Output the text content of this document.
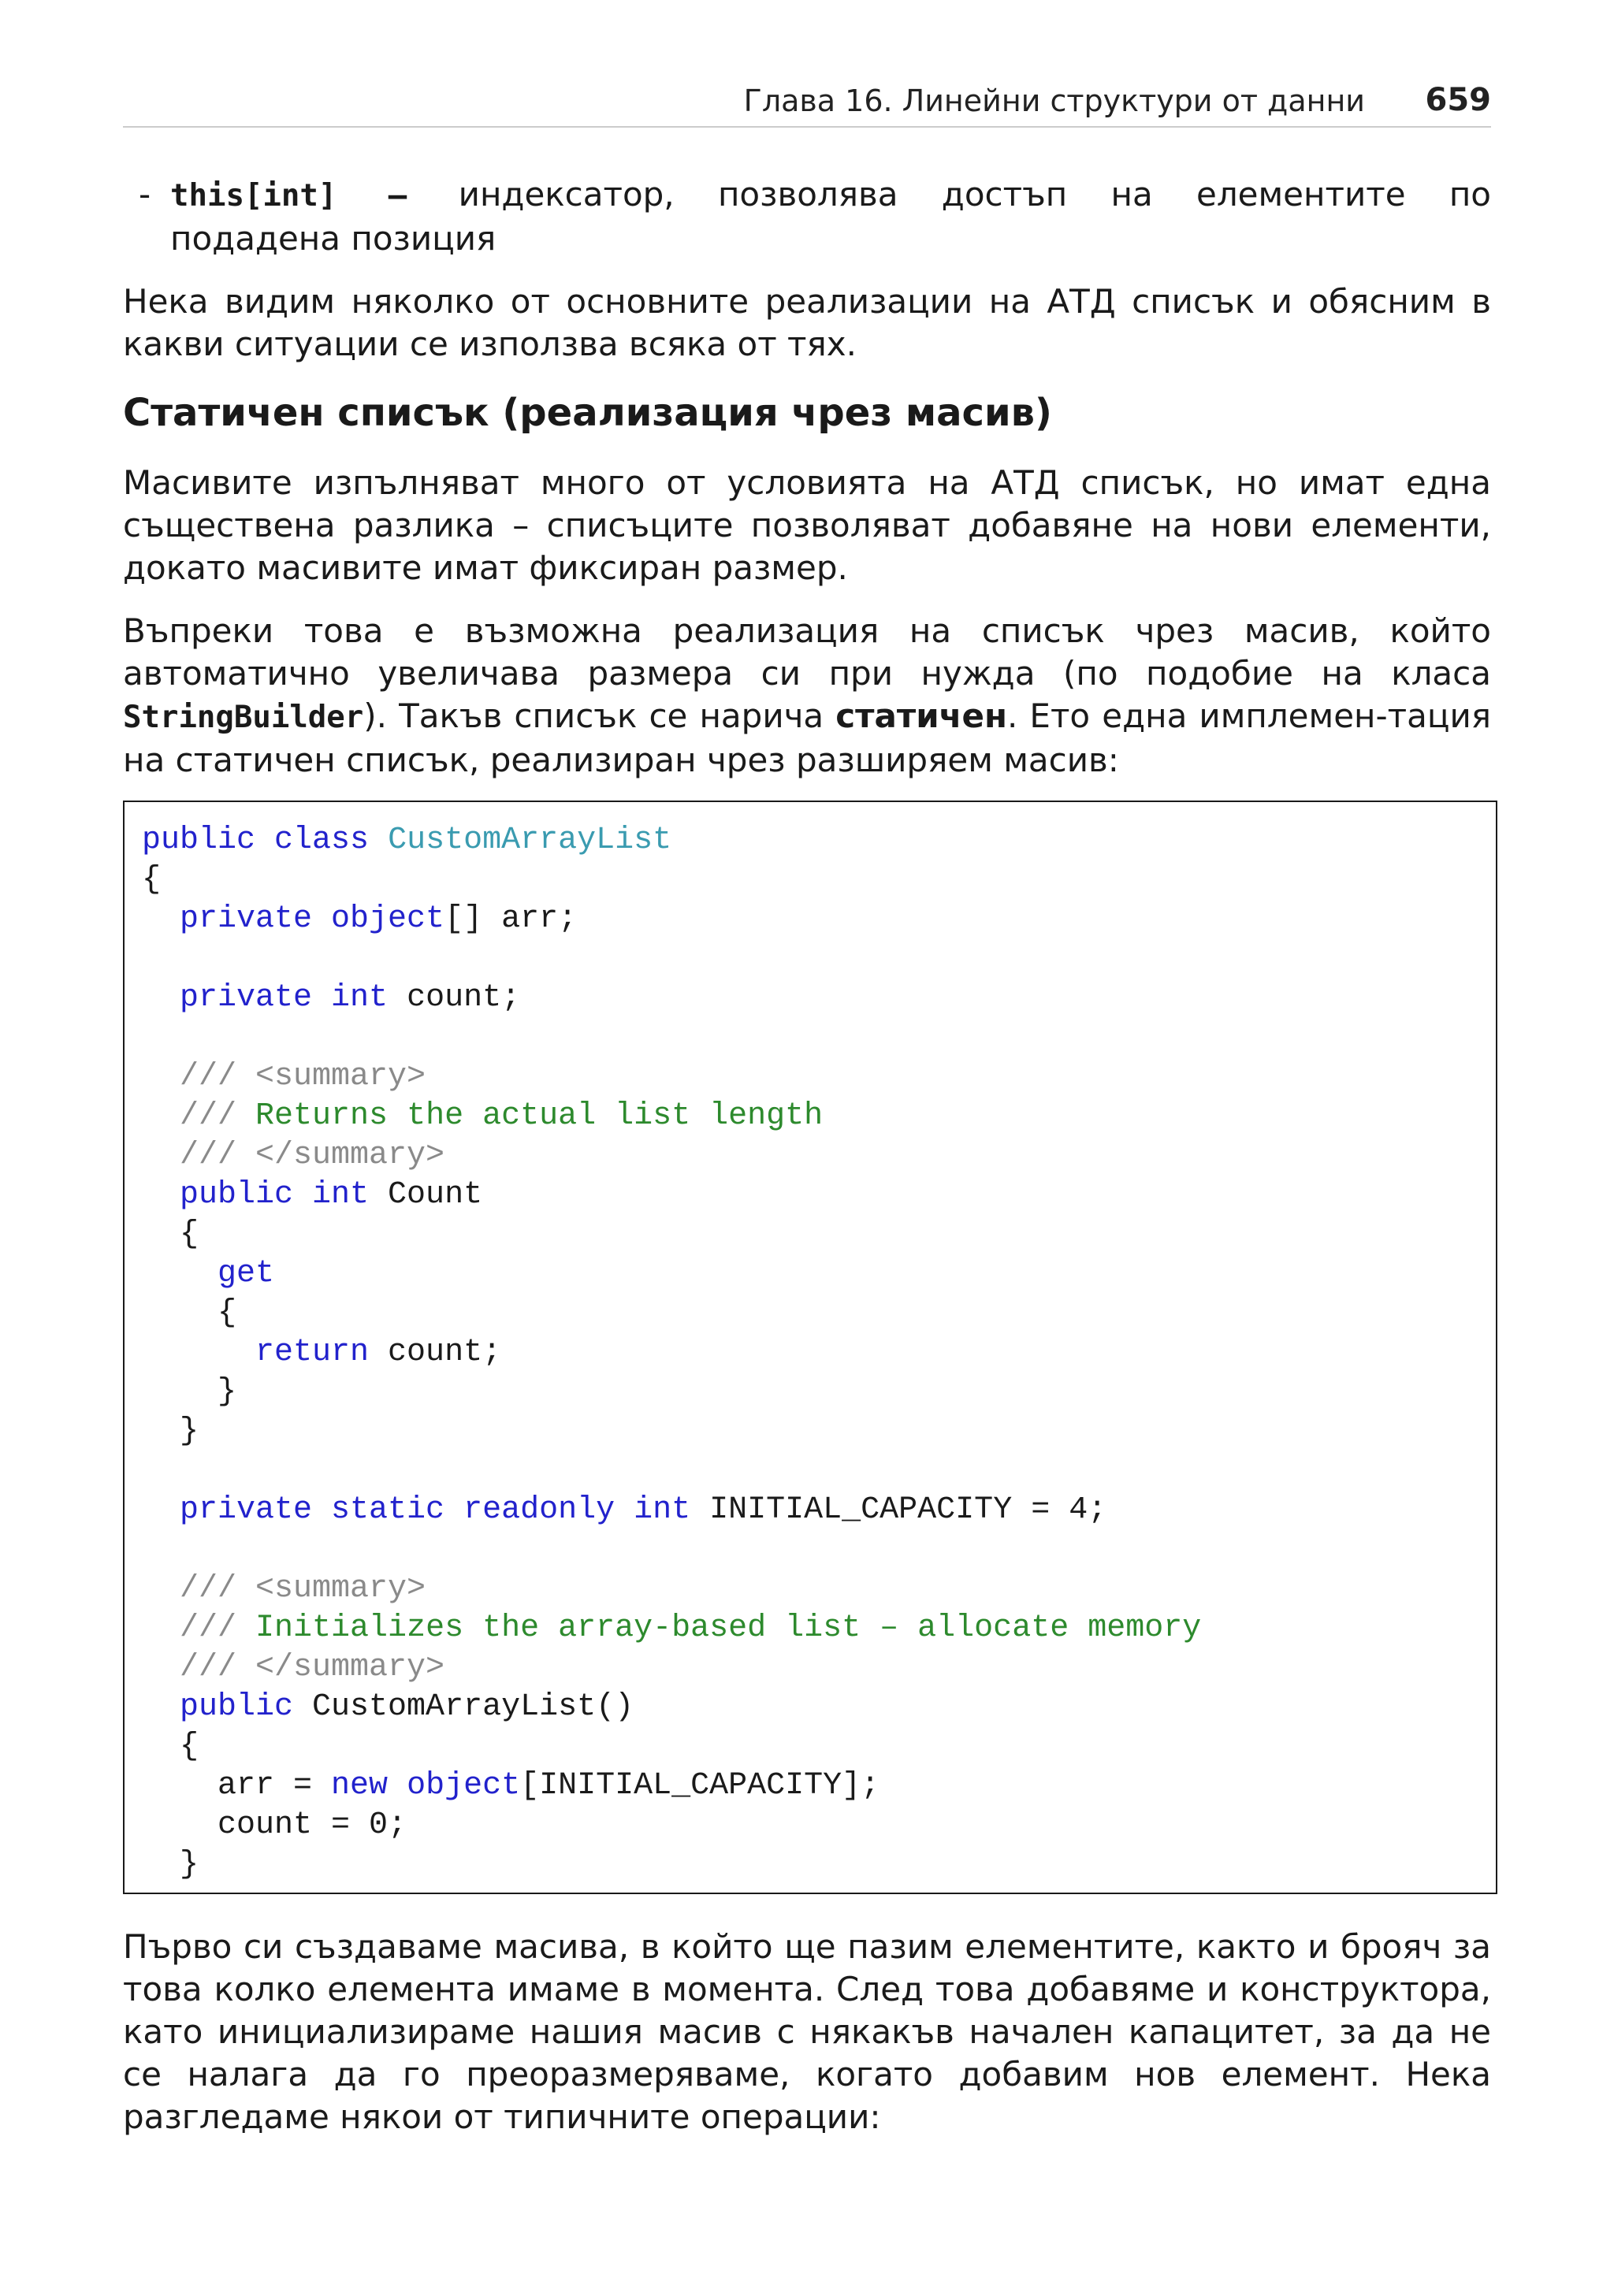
Глава 16. Линейни структури от данни 659
- this[int] – индексатор, позволява достъп на елементите по
подадена позиция

Нека видим няколко от основните реализации на АТД списък и обясним в какви ситуации се използва всяка от тях.

Статичен списък (реализация чрез масив)

Масивите изпълняват много от условията на АТД списък, но имат една съществена разлика – списъците позволяват добавяне на нови елементи, докато масивите имат фиксиран размер.

Въпреки това е възможна реализация на списък чрез масив, който автоматично увеличава размера си при нужда (по подобие на класа StringBuilder). Такъв списък се нарича статичен. Ето една имплемен-тация на статичен списък, реализиран чрез разширяем масив:

public class CustomArrayList
{
private object[] arr;
private int count;
/// <summary>
/// Returns the actual list length
/// </summary>
public int Count
{
get
{
return count;
}
}
private static readonly int INITIAL_CAPACITY = 4;
/// <summary>
/// Initializes the array-based list – allocate memory
/// </summary>
public CustomArrayList()
{
arr = new object[INITIAL_CAPACITY];
count = 0;
}

Първо си създаваме масива, в който ще пазим елементите, както и брояч за това колко елемента имаме в момента. След това добавяме и конструктора, като инициализираме нашия масив с някакъв начален капацитет, за да не се налага да го преоразмеряваме, когато добавим нов елемент. Нека разгледаме някои от типичните операции:
